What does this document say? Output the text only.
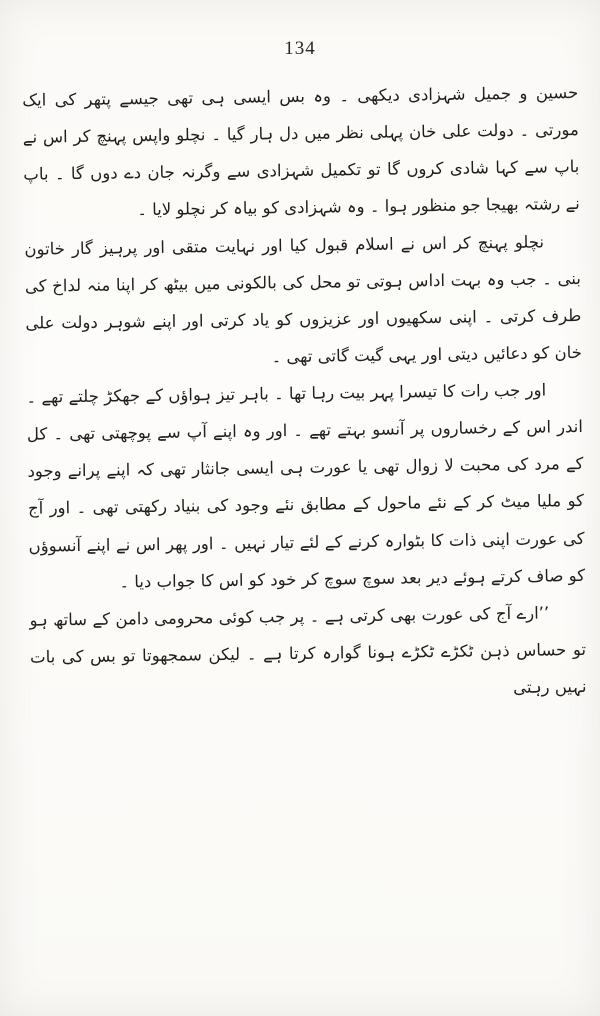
134

حسین و جمیل شہزادی دیکھی ۔ وہ بس ایسی ہی تھی جیسے پتھر کی ایک مورتی ۔ دولت علی خان پہلی نظر میں دل ہار گیا ۔ نچلو واپس پہنچ کر اس نے باپ سے کہا شادی کروں گا تو تکمیل شہزادی سے وگرنہ جان دے دوں گا ۔ باپ نے رشتہ بھیجا جو منظور ہوا ۔ وہ شہزادی کو بیاہ کر نچلو لایا ۔

نچلو پہنچ کر اس نے اسلام قبول کیا اور نہایت متقی اور پرہیز گار خاتون بنی ۔ جب وہ بہت اداس ہوتی تو محل کی بالکونی میں بیٹھ کر اپنا منہ لداخ کی طرف کرتی ۔ اپنی سکھیوں اور عزیزوں کو یاد کرتی اور اپنے شوہر دولت علی خان کو دعائیں دیتی اور یہی گیت گاتی تھی ۔

اور جب رات کا تیسرا پہر بیت رہا تھا ۔ باہر تیز ہواؤں کے جھکڑ چلتے تھے ۔ اندر اس کے رخساروں پر آنسو بہتے تھے ۔ اور وہ اپنے آپ سے پوچھتی تھی ۔ کل کے مرد کی محبت لا زوال تھی یا عورت ہی ایسی جانثار تھی کہ اپنے پرانے وجود کو ملیا میٹ کر کے نئے ماحول کے مطابق نئے وجود کی بنیاد رکھتی تھی ۔ اور آج کی عورت اپنی ذات کا بٹوارہ کرنے کے لئے تیار نہیں ۔ اور پھر اس نے اپنے آنسوؤں کو صاف کرتے ہوئے دیر بعد سوچ سوچ کر خود کو اس کا جواب دیا ۔

’’ارے آج کی عورت بھی کرتی ہے ۔ پر جب کوئی محرومی دامن کے ساتھ ہو تو حساس ذہن ٹکڑے ٹکڑے ہونا گوارہ کرتا ہے ۔ لیکن سمجھوتا تو بس کی بات نہیں رہتی
